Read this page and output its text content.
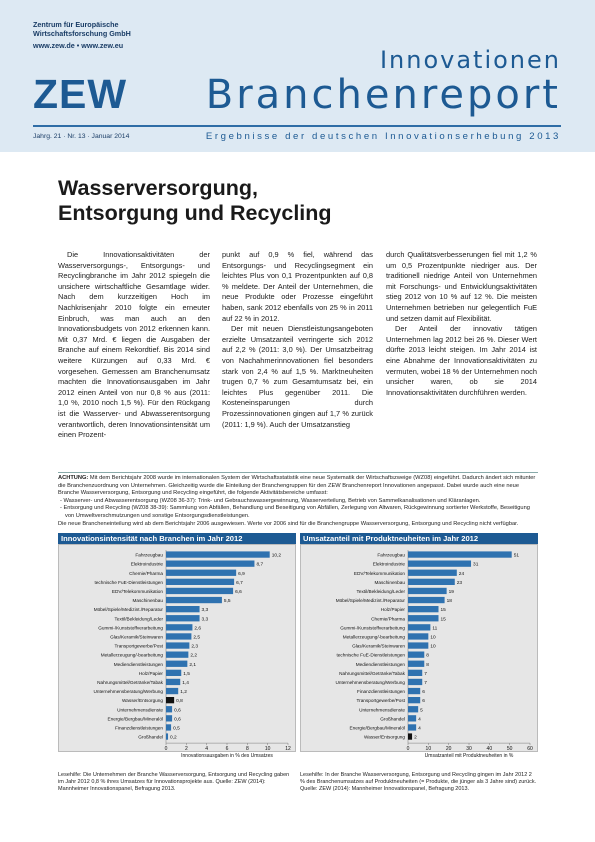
Zentrum für Europäische
Wirtschaftsforschung GmbH
www.zew.de • www.zew.eu
ZEW
Innovationen
Branchenreport
Jahrg. 21 · Nr. 13 · Januar 2014	Ergebnisse der deutschen Innovationserhebung 2013
Wasserversorgung,
Entsorgung und Recycling

Die Innovationsaktivitäten der Wasserversorgungs-, Entsorgungs- und Recyclingbranche im Jahr 2012 spiegeln die unsichere wirtschaftliche Gesamtlage wider. Nach dem kurzzeitigen Hoch im Nachkrisenjahr 2010 folgte ein erneuter Einbruch, was man auch an den Innovationsbudgets von 2012 erkennen kann. Mit 0,37 Mrd. € liegen die Ausgaben der Branche auf einem Rekordtief. Bis 2014 sind weitere Kürzungen auf 0,33 Mrd. € vorgesehen. Gemessen am Branchenumsatz machten die Innovationsausgaben im Jahr 2012 einen Anteil von nur 0,8 % aus (2011: 1,0 %, 2010 noch 1,5 %). Für den Rückgang ist die Wasserver- und Abwasserentsorgung verantwortlich, deren Innovationsintensität um einen Prozent-

punkt auf 0,9 % fiel, während das Entsorgungs- und Recyclingsegment ein leichtes Plus von 0,1 Prozentpunkten auf 0,8 % meldete. Der Anteil der Unternehmen, die neue Produkte oder Prozesse eingeführt haben, sank 2012 ebenfalls von 25 % in 2011 auf 22 % in 2012.

Der mit neuen Dienstleistungsangeboten erzielte Umsatzanteil verringerte sich 2012 auf 2,2 % (2011: 3,0 %). Der Umsatzbeitrag von Nachahmerinnovationen fiel besonders stark von 2,4 % auf 1,5 %. Marktneuheiten trugen 0,7 % zum Gesamtumsatz bei, ein leichtes Plus gegenüber 2011. Die Kosteneinsparungen durch Prozessinnovationen gingen auf 1,7 % zurück (2011: 1,9 %). Auch der Umsatzanstieg

durch Qualitätsverbesserungen fiel mit 1,2 % um 0,5 Prozentpunkte niedriger aus. Der traditionell niedrige Anteil von Unternehmen mit Forschungs- und Entwicklungsaktivitäten stieg 2012 von 10 % auf 12 %. Die meisten Unternehmen betrieben nur gelegentlich FuE und setzen damit auf Flexibilität.

Der Anteil der innovativ tätigen Unternehmen lag 2012 bei 26 %. Dieser Wert dürfte 2013 leicht steigen. Im Jahr 2014 ist eine Abnahme der Innovationsaktivitäten zu vermuten, wobei 18 % der Unternehmen noch unsicher waren, ob sie 2014 Innovationsaktivitäten durchführen werden.

ACHTUNG: Mit dem Berichtsjahr 2008 wurde im internationalen System der Wirtschaftsstatistik eine neue Systematik der Wirtschaftszweige (WZ08) eingeführt. Dadurch ändert sich mitunter die Branchenzuordnung von Unternehmen. Gleichzeitig wurde die Einteilung der Branchengruppen für den ZEW Branchenreport Innovationen angepasst. Dabei wurde auch eine neue Branche Wasserversorgung, Entsorgung und Recycling eingeführt, die folgende Aktivitätsbereiche umfasst:
- Wasserver- und Abwasserentsorgung (WZ08 36-37): Trink- und Gebrauchswassergewinnung, Wasserverteilung, Betrieb von Sammelkanalisationen und Kläranlagen.
- Entsorgung und Recycling (WZ08 38-39): Sammlung von Abfällen, Behandlung und Beseitigung von Abfällen, Zerlegung von Altwaren, Rückgewinnung sortierter Werkstoffe, Beseitigung von Umweltverschmutzungen und sonstige Entsorgungsdienstleistungen.
Die neue Brancheneinteilung wird ab dem Berichtsjahr 2006 ausgewiesen. Werte vor 2006 sind für die Branchengruppe Wasserversorgung, Entsorgung und Recycling nicht verfügbar.
Innovationsintensität nach Branchen im Jahr 2012
Fahrzeugbau	10,2
Elektroindustrie	8,7
Chemie/Pharma	6,9
technische FuE-Dienstleistungen	6,7
EDV/Telekommunikation	6,6
Maschinenbau	5,5
Möbel/Spiele/Medizint./Reparatur	3,3
Textil/Bekleidung/Leder	3,3
Gummi-/Kunststoffverarbeitung	2,6
Glas/Keramik/Steinwaren	2,5
Transportgewerbe/Post	2,3
Metallerzeugung/-bearbeitung	2,2
Mediendienstleistungen	2,1
Holz/Papier	1,5
Nahrungsmittel/Getränke/Tabak	1,4
Unternehmensberatung/Werbung	1,2
Wasser/Entsorgung	0,8
Unternehmensdienste 0,6
Energie/Bergbau/Mineralöl 0,6
Finanzdienstleistungen 0,5
Großhandel 0,2
0	2	4	6	8	10	12
Innovationsausgaben in % des Umsatzes
Umsatzanteil mit Produktneuheiten im Jahr 2012
Fahrzeugbau	51
Elektroindustrie	31
EDV/Telekommunikation	24
Maschinenbau	23
Textil/Bekleidung/Leder	19
Möbel/Spiele/Medizint./Reparatur	18
Holz/Papier	15
Chemie/Pharma	15
Gummi-/Kunststoffverarbeitung	11
Metallerzeugung/-bearbeitung	10
Glas/Keramik/Steinwaren	10
technische FuE-Dienstleistungen	8
Mediendienstleistungen	8
Nahrungsmittel/Getränke/Tabak	7
Unternehmensberatung/Werbung	7
Finanzdienstleistungen	6
Transportgewerbe/Post	6
Unternehmensdienste	5
Großhandel	4
Energie/Bergbau/Mineralöl	4
Wasser/Entsorgung 2
0	10	20	30	40	50	60
Umsatzanteil mit Produktneuheiten in %
Lesehilfe: Die Unternehmen der Branche Wasserversorgung, Entsorgung und Recycling gaben im Jahr 2012 0,8 % ihres Umsatzes für Innovationsprojekte aus. Quelle: ZEW (2014): Mannheimer Innovationspanel, Befragung 2013.
Lesehilfe: In der Branche Wasserversorgung, Entsorgung und Recycling gingen im Jahr 2012 2 % des Branchenumsatzes auf Produktneuheiten (= Produkte, die jünger als 3 Jahre sind) zurück. Quelle: ZEW (2014): Mannheimer Innovationspanel, Befragung 2013.
